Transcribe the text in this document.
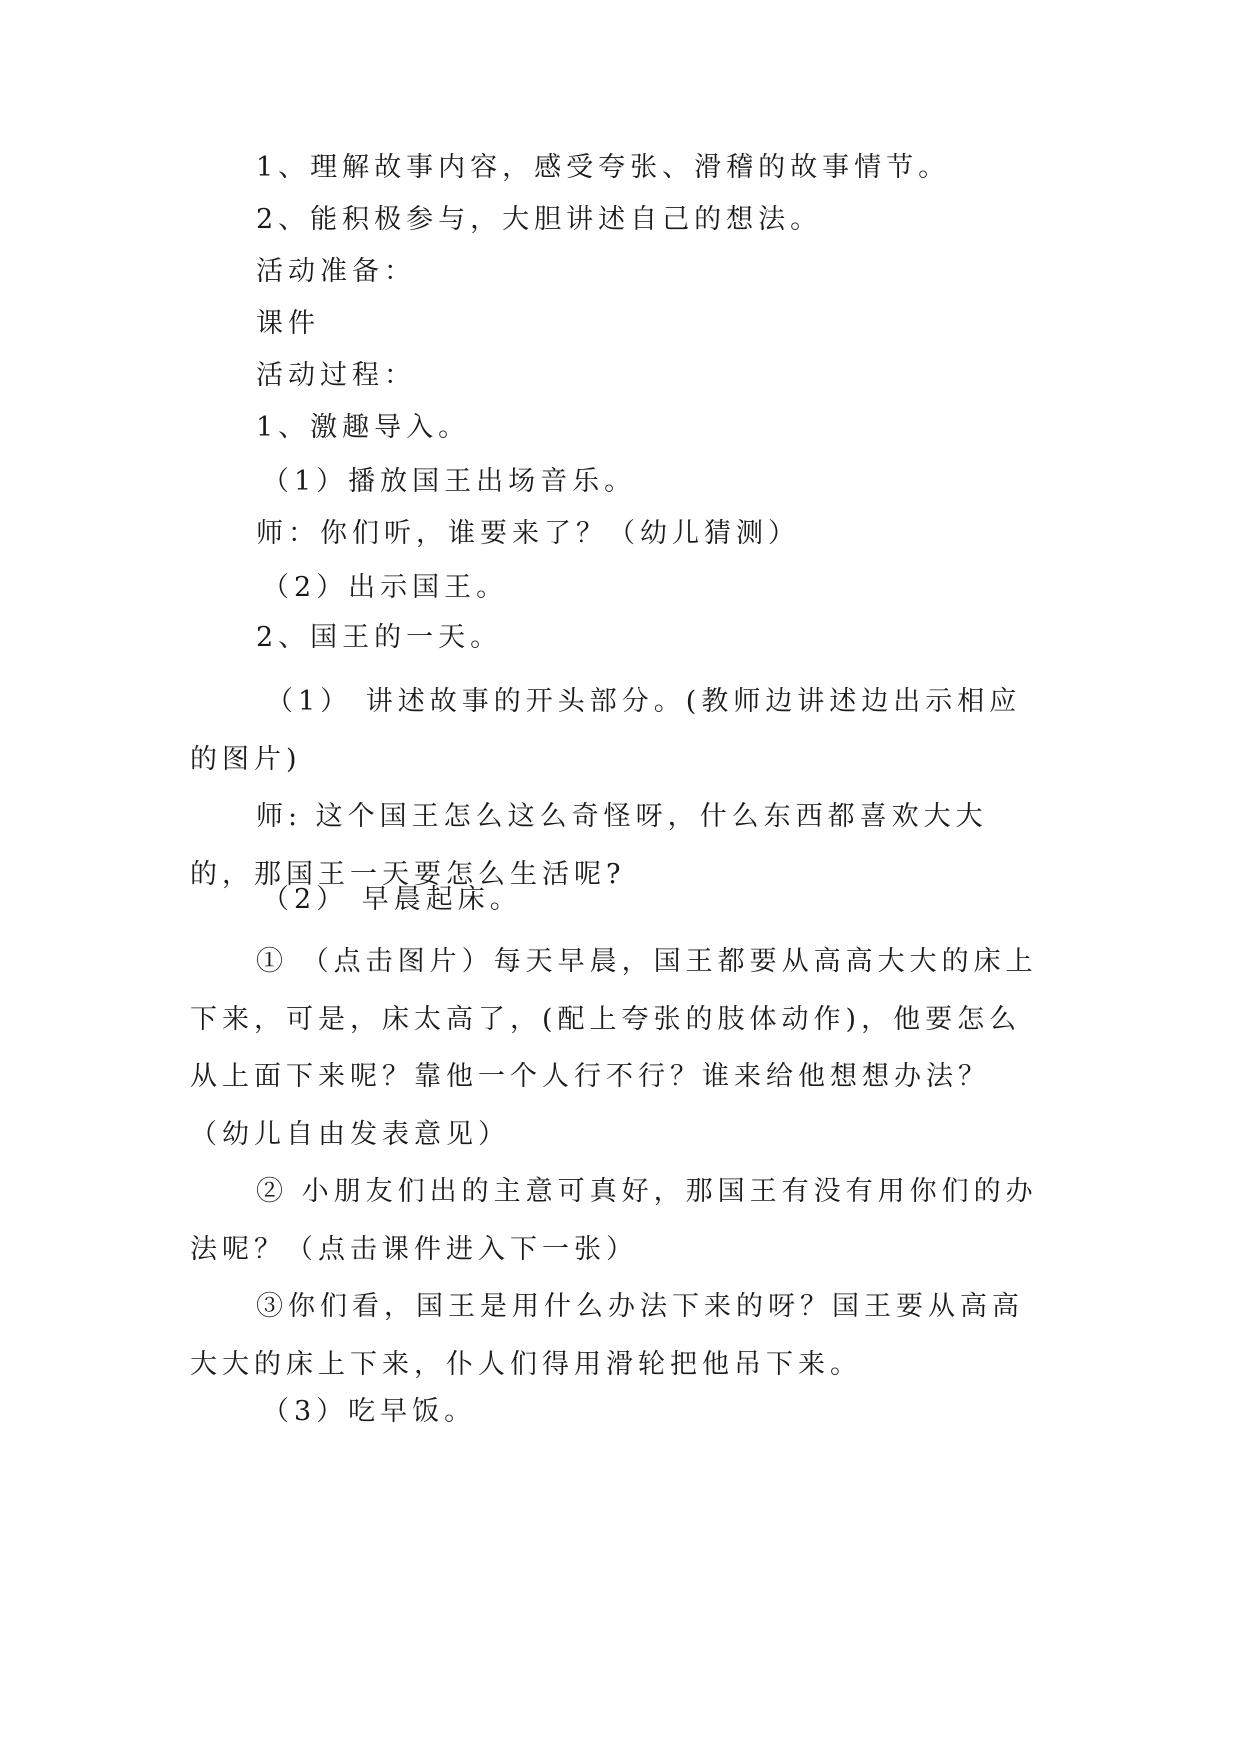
1、理解故事内容，感受夸张、滑稽的故事情节。
2、能积极参与，大胆讲述自己的想法。
活动准备：
课件
活动过程：
1、激趣导入。
（1）播放国王出场音乐。
师：你们听，谁要来了？（幼儿猜测）
（2）出示国王。
2、国王的一天。
（1） 讲述故事的开头部分。(教师边讲述边出示相应的图片)
师: 这个国王怎么这么奇怪呀，什么东西都喜欢大大的，那国王一天要怎么生活呢?
（2） 早晨起床。
① （点击图片）每天早晨，国王都要从高高大大的床上下来，可是，床太高了，(配上夸张的肢体动作)，他要怎么从上面下来呢？靠他一个人行不行？谁来给他想想办法？（幼儿自由发表意见）
② 小朋友们出的主意可真好，那国王有没有用你们的办法呢？（点击课件进入下一张）
③你们看，国王是用什么办法下来的呀？国王要从高高大大的床上下来，仆人们得用滑轮把他吊下来。
（3）吃早饭。
